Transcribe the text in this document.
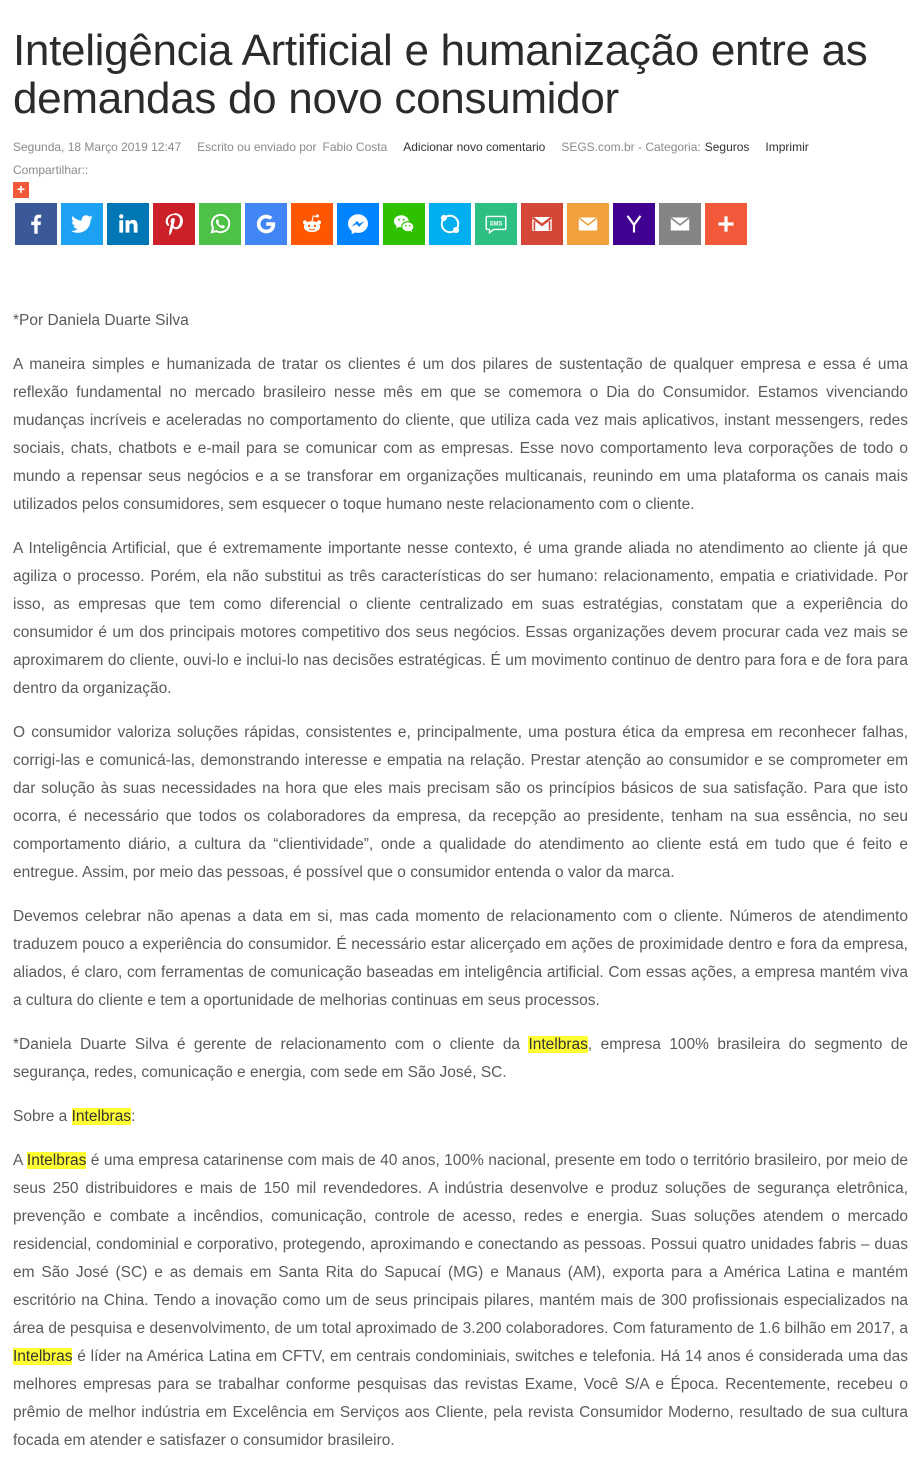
Inteligência Artificial e humanização entre as demandas do novo consumidor
Segunda, 18 Março 2019 12:47 Escrito ou enviado por Fabio Costa Adicionar novo comentario SEGS.com.br - Categoria: Seguros Imprimir
Compartilhar::
+
SMS

*Por Daniela Duarte Silva

A maneira simples e humanizada de tratar os clientes é um dos pilares de sustentação de qualquer empresa e essa é uma reflexão fundamental no mercado brasileiro nesse mês em que se comemora o Dia do Consumidor. Estamos vivenciando mudanças incríveis e aceleradas no comportamento do cliente, que utiliza cada vez mais aplicativos, instant messengers, redes sociais, chats, chatbots e e-mail para se comunicar com as empresas. Esse novo comportamento leva corporações de todo o mundo a repensar seus negócios e a se transforar em organizações multicanais, reunindo em uma plataforma os canais mais utilizados pelos consumidores, sem esquecer o toque humano neste relacionamento com o cliente.

A Inteligência Artificial, que é extremamente importante nesse contexto, é uma grande aliada no atendimento ao cliente já que agiliza o processo. Porém, ela não substitui as três características do ser humano: relacionamento, empatia e criatividade. Por isso, as empresas que tem como diferencial o cliente centralizado em suas estratégias, constatam que a experiência do consumidor é um dos principais motores competitivo dos seus negócios. Essas organizações devem procurar cada vez mais se aproximarem do cliente, ouvi-lo e inclui-lo nas decisões estratégicas. É um movimento continuo de dentro para fora e de fora para dentro da organização.

O consumidor valoriza soluções rápidas, consistentes e, principalmente, uma postura ética da empresa em reconhecer falhas, corrigi-las e comunicá-las, demonstrando interesse e empatia na relação. Prestar atenção ao consumidor e se comprometer em dar solução às suas necessidades na hora que eles mais precisam são os princípios básicos de sua satisfação. Para que isto ocorra, é necessário que todos os colaboradores da empresa, da recepção ao presidente, tenham na sua essência, no seu comportamento diário, a cultura da “clientividade”, onde a qualidade do atendimento ao cliente está em tudo que é feito e entregue. Assim, por meio das pessoas, é possível que o consumidor entenda o valor da marca.

Devemos celebrar não apenas a data em si, mas cada momento de relacionamento com o cliente. Números de atendimento traduzem pouco a experiência do consumidor. É necessário estar alicerçado em ações de proximidade dentro e fora da empresa, aliados, é claro, com ferramentas de comunicação baseadas em inteligência artificial. Com essas ações, a empresa mantém viva a cultura do cliente e tem a oportunidade de melhorias continuas em seus processos.

*Daniela Duarte Silva é gerente de relacionamento com o cliente da Intelbras, empresa 100% brasileira do segmento de segurança, redes, comunicação e energia, com sede em São José, SC.

Sobre a Intelbras:

A Intelbras é uma empresa catarinense com mais de 40 anos, 100% nacional, presente em todo o território brasileiro, por meio de seus 250 distribuidores e mais de 150 mil revendedores. A indústria desenvolve e produz soluções de segurança eletrônica, prevenção e combate a incêndios, comunicação, controle de acesso, redes e energia. Suas soluções atendem o mercado residencial, condominial e corporativo, protegendo, aproximando e conectando as pessoas. Possui quatro unidades fabris – duas em São José (SC) e as demais em Santa Rita do Sapucaí (MG) e Manaus (AM), exporta para a América Latina e mantém escritório na China. Tendo a inovação como um de seus principais pilares, mantém mais de 300 profissionais especializados na área de pesquisa e desenvolvimento, de um total aproximado de 3.200 colaboradores. Com faturamento de 1.6 bilhão em 2017, a Intelbras é líder na América Latina em CFTV, em centrais condominiais, switches e telefonia. Há 14 anos é considerada uma das melhores empresas para se trabalhar conforme pesquisas das revistas Exame, Você S/A e Época. Recentemente, recebeu o prêmio de melhor indústria em Excelência em Serviços aos Cliente, pela revista Consumidor Moderno, resultado de sua cultura focada em atender e satisfazer o consumidor brasileiro.
